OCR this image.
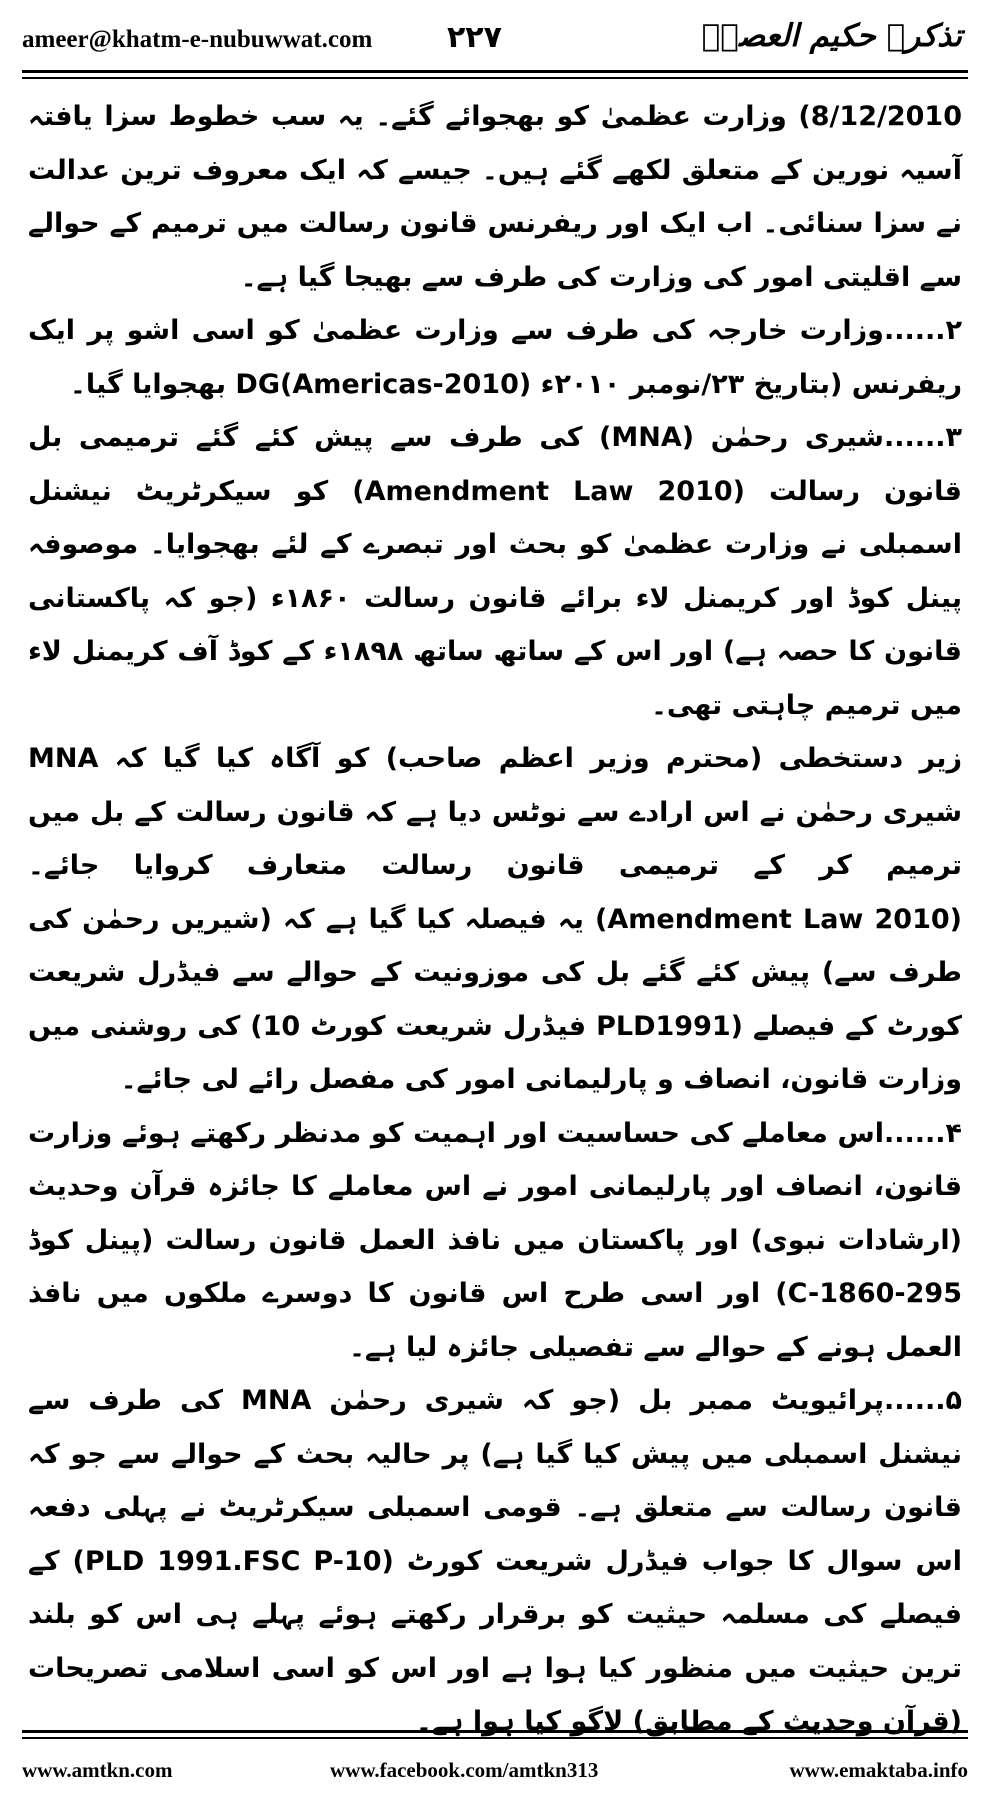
ameer@khatm-e-nubuwwat.com ۲۲۷	تذکرہ حکیم العصرؒ

8/12/2010) وزارت عظمیٰ کو بھجوائے گئے۔ یہ سب خطوط سزا یافتہ آسیہ نورین کے متعلق لکھے گئے ہیں۔ جیسے کہ ایک معروف ترین عدالت نے سزا سنائی۔ اب ایک اور ریفرنس قانون رسالت میں ترمیم کے حوالے سے اقلیتی امور کی وزارت کی طرف سے بھیجا گیا ہے۔

۲......وزارت خارجہ کی طرف سے وزارت عظمیٰ کو اسی اشو پر ایک ریفرنس (بتاریخ ۲۳/نومبر ۲۰۱۰ء DG(Americas-2010) بھجوایا گیا۔

۳......شیری رحمٰن (MNA) کی طرف سے پیش کئے گئے ترمیمی بل قانون رسالت (Amendment Law 2010) کو سیکرٹریٹ نیشنل اسمبلی نے وزارت عظمیٰ کو بحث اور تبصرے کے لئے بھجوایا۔ موصوفہ پینل کوڈ اور کریمنل لاء برائے قانون رسالت ۱۸۶۰ء (جو کہ پاکستانی قانون کا حصہ ہے) اور اس کے ساتھ ساتھ ۱۸۹۸ء کے کوڈ آف کریمنل لاء میں ترمیم چاہتی تھی۔

زیر دستخطی (محترم وزیر اعظم صاحب) کو آگاہ کیا گیا کہ MNA شیری رحمٰن نے اس ارادے سے نوٹس دیا ہے کہ قانون رسالت کے بل میں ترمیم کر کے ترمیمی قانون رسالت متعارف کروایا جائے۔ (Amendment Law 2010) یہ فیصلہ کیا گیا ہے کہ (شیریں رحمٰن کی طرف سے) پیش کئے گئے بل کی موزونیت کے حوالے سے فیڈرل شریعت کورٹ کے فیصلے (PLD1991 فیڈرل شریعت کورٹ 10) کی روشنی میں وزارت قانون، انصاف و پارلیمانی امور کی مفصل رائے لی جائے۔

۴......اس معاملے کی حساسیت اور اہمیت کو مدنظر رکھتے ہوئے وزارت قانون، انصاف اور پارلیمانی امور نے اس معاملے کا جائزہ قرآن وحدیث (ارشادات نبوی) اور پاکستان میں نافذ العمل قانون رسالت (پینل کوڈ 295-C-1860) اور اسی طرح اس قانون کا دوسرے ملکوں میں نافذ العمل ہونے کے حوالے سے تفصیلی جائزہ لیا ہے۔

۵......پرائیویٹ ممبر بل (جو کہ شیری رحمٰن MNA کی طرف سے نیشنل اسمبلی میں پیش کیا گیا ہے) پر حالیہ بحث کے حوالے سے جو کہ قانون رسالت سے متعلق ہے۔ قومی اسمبلی سیکرٹریٹ نے پہلی دفعہ اس سوال کا جواب فیڈرل شریعت کورٹ (PLD 1991.FSC P-10) کے فیصلے کی مسلمہ حیثیت کو برقرار رکھتے ہوئے پہلے ہی اس کو بلند ترین حیثیت میں منظور کیا ہوا ہے اور اس کو اسی اسلامی تصریحات (قرآن وحدیث کے مطابق) لاگو کیا ہوا ہے۔

www.amtkn.com	www.facebook.com/amtkn313	www.emaktaba.info
